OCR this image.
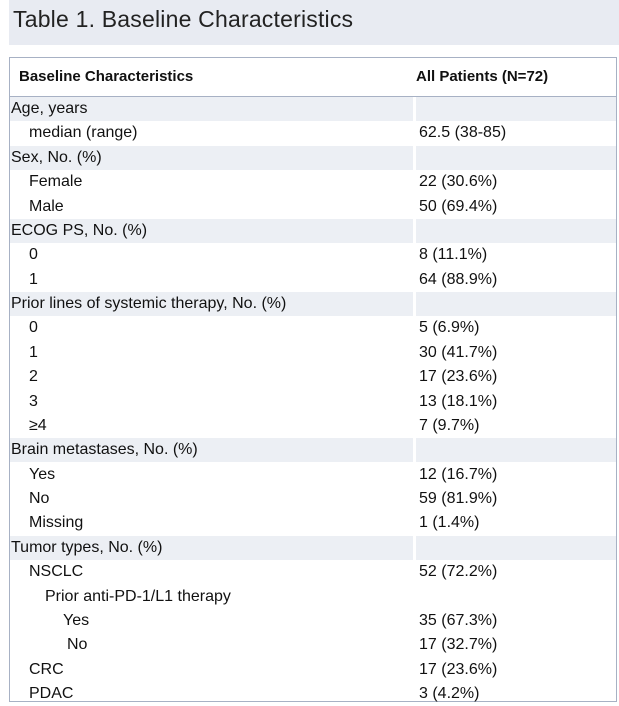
Table 1. Baseline Characteristics
Baseline Characteristics	All Patients (N=72)
Age, years
median (range)	62.5 (38-85)
Sex, No. (%)
Female	22 (30.6%)
Male	50 (69.4%)
ECOG PS, No. (%)
0	8 (11.1%)
1	64 (88.9%)
Prior lines of systemic therapy, No. (%)
0	5 (6.9%)
1	30 (41.7%)
2	17 (23.6%)
3	13 (18.1%)
≥4	7 (9.7%)
Brain metastases, No. (%)
Yes	12 (16.7%)
No	59 (81.9%)
Missing	1 (1.4%)
Tumor types, No. (%)
NSCLC	52 (72.2%)
Prior anti-PD-1/L1 therapy
Yes	35 (67.3%)
No	17 (32.7%)
CRC	17 (23.6%)
PDAC	3 (4.2%)
